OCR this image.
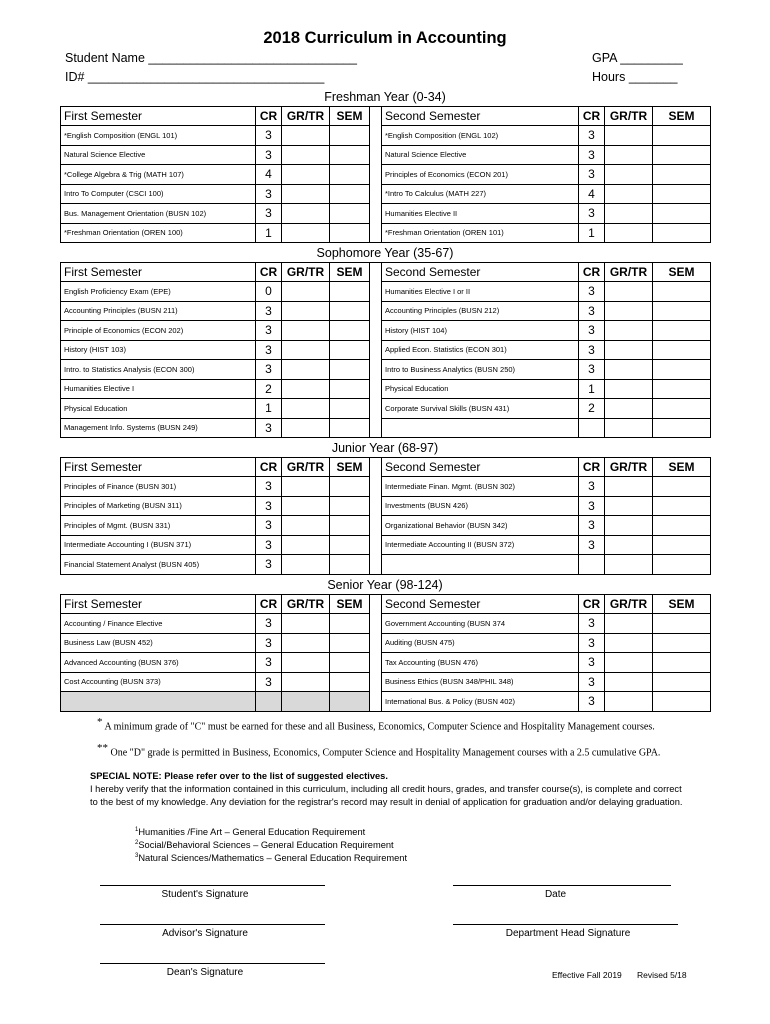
2018 Curriculum in Accounting
Student Name ______________________________
ID# __________________________________
GPA _________
Hours _______
Freshman Year (0-34)
First Semester	CR	GR/TR	SEM		Second Semester	CR	GR/TR	SEM
*English Composition (ENGL 101)	3				*English Composition (ENGL 102)	3		
Natural Science Elective	3				Natural Science Elective	3		
*College Algebra & Trig (MATH 107)	4				Principles of Economics (ECON 201)	3		
Intro To Computer (CSCI 100)	3				*Intro To Calculus (MATH 227)	4		
Bus. Management Orientation (BUSN 102)	3				Humanities Elective II	3		
*Freshman Orientation (OREN 100)	1				*Freshman Orientation (OREN 101)	1		
Sophomore Year (35-67)
First Semester	CR	GR/TR	SEM		Second Semester	CR	GR/TR	SEM
English Proficiency Exam (EPE)	0				Humanities Elective I or II	3		
Accounting Principles (BUSN 211)	3				Accounting Principles (BUSN 212)	3		
Principle of Economics (ECON 202)	3				History (HIST 104)	3		
History (HIST 103)	3				Applied Econ. Statistics (ECON 301)	3		
Intro. to Statistics Analysis (ECON 300)	3				Intro to Business Analytics (BUSN 250)	3		
Humanities Elective I	2				Physical Education	1		
Physical Education	1				Corporate Survival Skills (BUSN 431)	2		
Management Info. Systems (BUSN 249)	3							
Junior Year (68-97)
First Semester	CR	GR/TR	SEM		Second Semester	CR	GR/TR	SEM
Principles of Finance (BUSN 301)	3				Intermediate Finan. Mgmt. (BUSN 302)	3		
Principles of Marketing (BUSN 311)	3				Investments (BUSN 426)	3		
Principles of Mgmt. (BUSN 331)	3				Organizational Behavior (BUSN 342)	3		
Intermediate Accounting I (BUSN 371)	3				Intermediate Accounting II (BUSN 372)	3		
Financial Statement Analyst (BUSN 405)	3							
Senior Year (98-124)
First Semester	CR	GR/TR	SEM		Second Semester	CR	GR/TR	SEM
Accounting / Finance Elective	3				Government Accounting (BUSN 374	3		
Business Law (BUSN 452)	3				Auditing (BUSN 475)	3		
Advanced Accounting (BUSN 376)	3				Tax Accounting (BUSN 476)	3		
Cost Accounting (BUSN 373)	3				Business Ethics (BUSN 348/PHIL 348)	3		
					International Bus. & Policy (BUSN 402)	3		
* A minimum grade of "C" must be earned for these and all Business, Economics, Computer Science and Hospitality Management courses.
** One "D" grade is permitted in Business, Economics, Computer Science and Hospitality Management courses with a 2.5 cumulative GPA.
SPECIAL NOTE: Please refer over to the list of suggested electives.
I hereby verify that the information contained in this curriculum, including all credit hours, grades, and transfer course(s), is complete and correct to the best of my knowledge. Any deviation for the registrar's record may result in denial of application for graduation and/or delaying graduation.
$^1$Humanities /Fine Art – General Education Requirement
$^2$Social/Behavioral Sciences – General Education Requirement
$^3$Natural Sciences/Mathematics – General Education Requirement
Student's Signature	Date
Advisor's Signature	Department Head Signature
Dean's Signature	Effective Fall 2019 Revised 5/18
